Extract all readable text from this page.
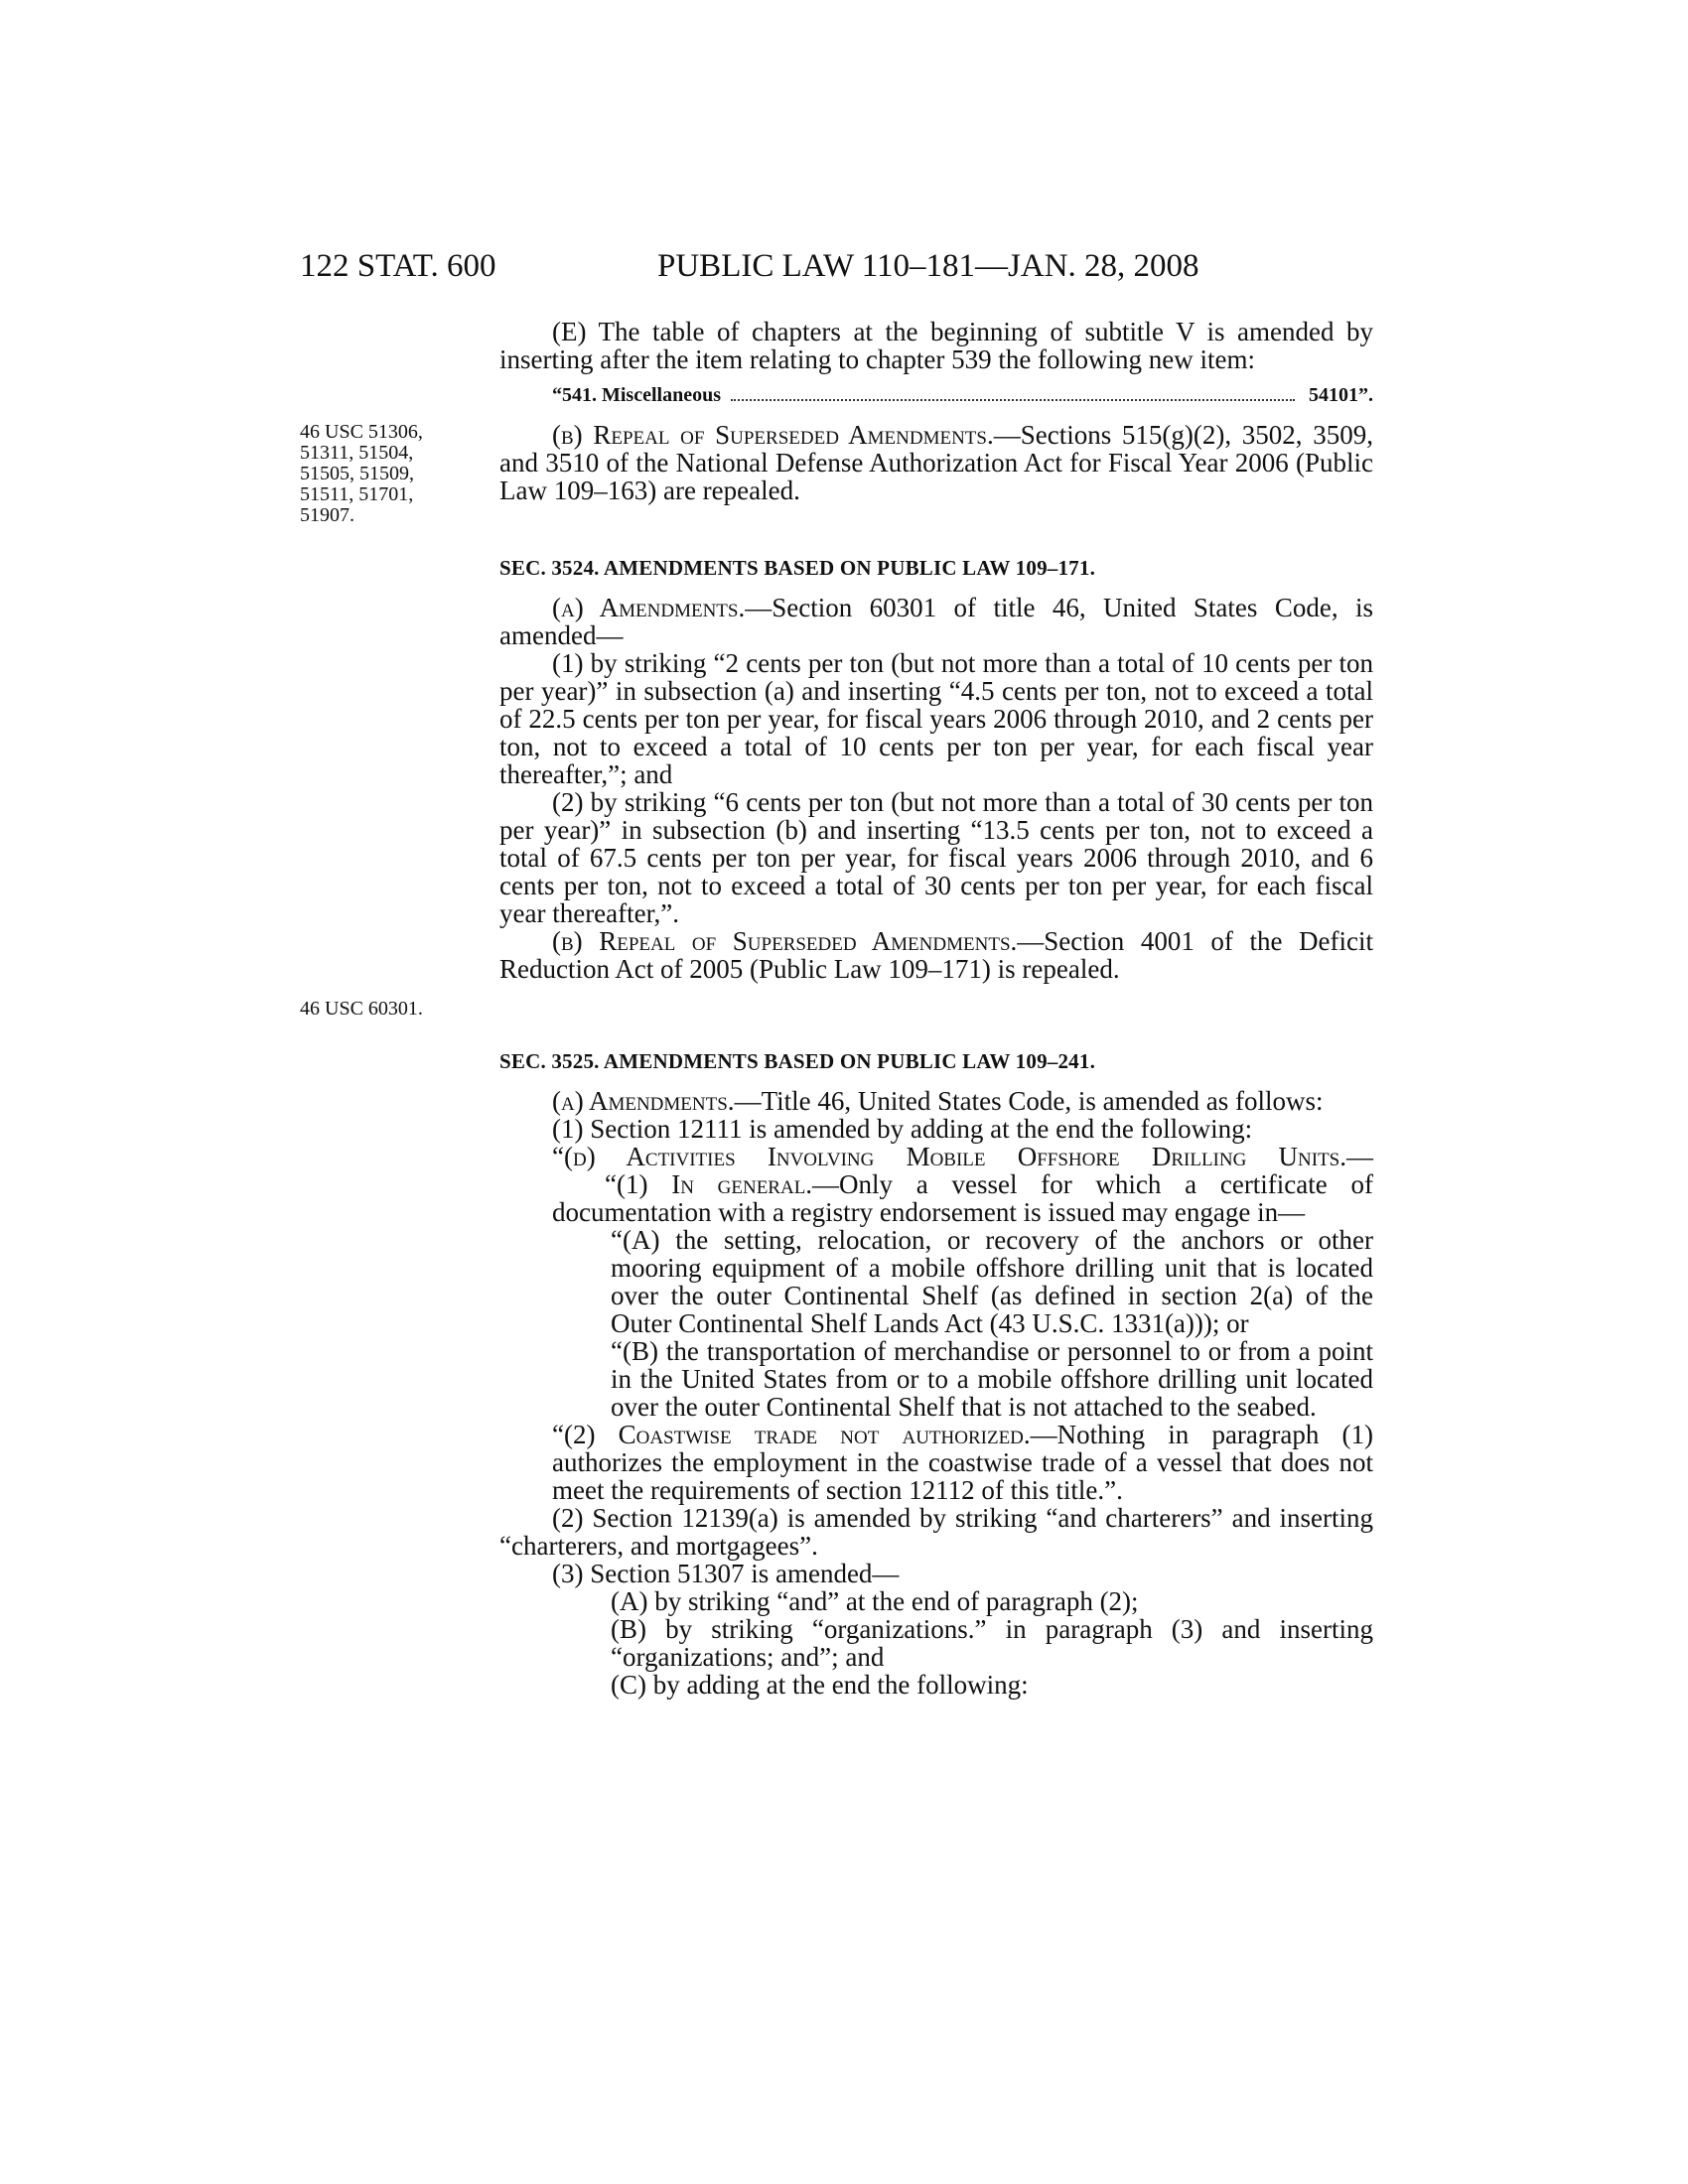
122 STAT. 600	PUBLIC LAW 110–181—JAN. 28, 2008
46 USC 51306,
51311, 51504,
51505, 51509,
51511, 51701,
51907.
46 USC 60301.

(E) The table of chapters at the beginning of subtitle V is amended by inserting after the item relating to chapter 539 the following new item:

“541. Miscellaneous	54101”.

(b) Repeal of Superseded Amendments.—Sections 515(g)(2), 3502, 3509, and 3510 of the National Defense Authorization Act for Fiscal Year 2006 (Public Law 109–163) are repealed.

SEC. 3524. AMENDMENTS BASED ON PUBLIC LAW 109–171.

(a) Amendments.—Section 60301 of title 46, United States Code, is amended—

(1) by striking “2 cents per ton (but not more than a total of 10 cents per ton per year)” in subsection (a) and inserting “4.5 cents per ton, not to exceed a total of 22.5 cents per ton per year, for fiscal years 2006 through 2010, and 2 cents per ton, not to exceed a total of 10 cents per ton per year, for each fiscal year thereafter,”; and

(2) by striking “6 cents per ton (but not more than a total of 30 cents per ton per year)” in subsection (b) and inserting “13.5 cents per ton, not to exceed a total of 67.5 cents per ton per year, for fiscal years 2006 through 2010, and 6 cents per ton, not to exceed a total of 30 cents per ton per year, for each fiscal year thereafter,”.

(b) Repeal of Superseded Amendments.—Section 4001 of the Deficit Reduction Act of 2005 (Public Law 109–171) is repealed.

SEC. 3525. AMENDMENTS BASED ON PUBLIC LAW 109–241.

(a) Amendments.—Title 46, United States Code, is amended as follows:

(1) Section 12111 is amended by adding at the end the following:

“(d) Activities Involving Mobile Offshore Drilling Units.—

“(1) In general.—Only a vessel for which a certificate of documentation with a registry endorsement is issued may engage in—

“(A) the setting, relocation, or recovery of the anchors or other mooring equipment of a mobile offshore drilling unit that is located over the outer Continental Shelf (as defined in section 2(a) of the Outer Continental Shelf Lands Act (43 U.S.C. 1331(a))); or

“(B) the transportation of merchandise or personnel to or from a point in the United States from or to a mobile offshore drilling unit located over the outer Continental Shelf that is not attached to the seabed.

“(2) Coastwise trade not authorized.—Nothing in paragraph (1) authorizes the employment in the coastwise trade of a vessel that does not meet the requirements of section 12112 of this title.”.

(2) Section 12139(a) is amended by striking “and charterers” and inserting “charterers, and mortgagees”.

(3) Section 51307 is amended—

(A) by striking “and” at the end of paragraph (2);

(B) by striking “organizations.” in paragraph (3) and inserting “organizations; and”; and

(C) by adding at the end the following:
